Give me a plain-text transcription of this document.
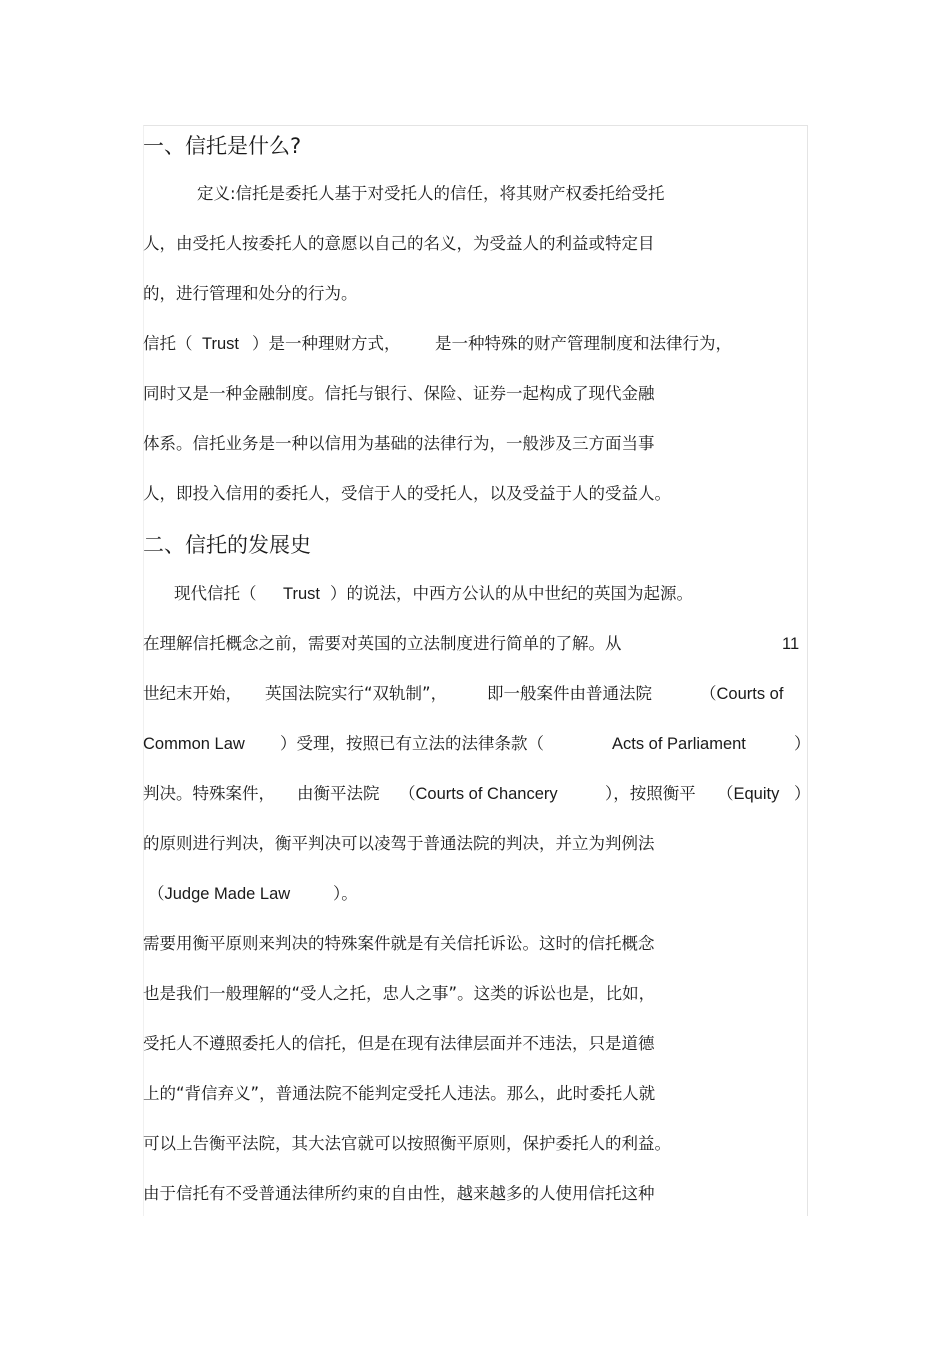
一、信托是什么?
定义:信托是委托人基于对受托人的信任，将其财产权委托给受托
人，由受托人按委托人的意愿以自己的名义，为受益人的利益或特定目
的，进行管理和处分的行为。
信托（ Trust ）是一种理财方式， 是一种特殊的财产管理制度和法律行为，
同时又是一种金融制度。信托与银行、保险、证券一起构成了现代金融
体系。信托业务是一种以信用为基础的法律行为，一般涉及三方面当事
人，即投入信用的委托人，受信于人的受托人，以及受益于人的受益人。
二、信托的发展史
现代信托（ Trust ）的说法，中西方公认的从中世纪的英国为起源。
在理解信托概念之前，需要对英国的立法制度进行简单的了解。从	11
世纪末开始， 英国法院实行“双轨制”， 即一般案件由普通法院	（Courts of
Common Law ）受理，按照已有立法的法律条款（	Acts of Parliament	）
判决。特殊案件， 由衡平法院 （Courts of Chancery	），按照衡平 （Equity ）
的原则进行判决，衡平判决可以凌驾于普通法院的判决，并立为判例法
（Judge Made Law	）。
需要用衡平原则来判决的特殊案件就是有关信托诉讼。这时的信托概念
也是我们一般理解的“受人之托，忠人之事”。这类的诉讼也是，比如，
受托人不遵照委托人的信托，但是在现有法律层面并不违法，只是道德
上的“背信弃义”，普通法院不能判定受托人违法。那么，此时委托人就
可以上告衡平法院，其大法官就可以按照衡平原则，保护委托人的利益。
由于信托有不受普通法律所约束的自由性，越来越多的人使用信托这种
